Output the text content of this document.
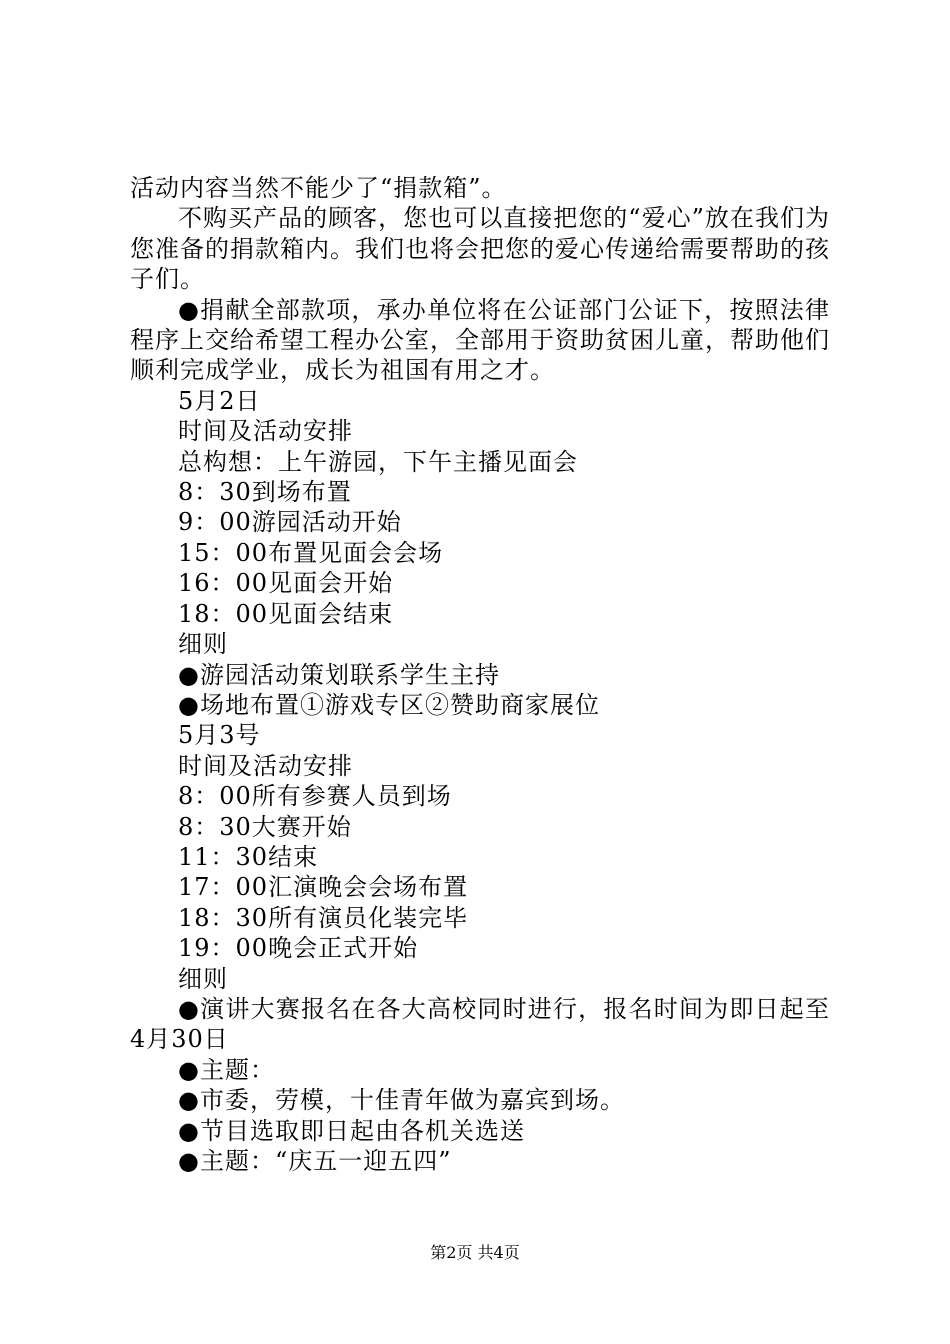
活动内容当然不能少了“捐款箱”。

不购买产品的顾客，您也可以直接把您的“爱心”放在我们为您准备的捐款箱内。我们也将会把您的爱心传递给需要帮助的孩子们。

●捐献全部款项，承办单位将在公证部门公证下，按照法律程序上交给希望工程办公室，全部用于资助贫困儿童，帮助他们顺利完成学业，成长为祖国有用之才。

5月2日

时间及活动安排

总构想：上午游园，下午主播见面会

8：30到场布置

9：00游园活动开始

15：00布置见面会会场

16：00见面会开始

18：00见面会结束

细则

●游园活动策划联系学生主持

●场地布置①游戏专区②赞助商家展位

5月3号

时间及活动安排

8：00所有参赛人员到场

8：30大赛开始

11：30结束

17：00汇演晚会会场布置

18：30所有演员化装完毕

19：00晚会正式开始

细则

●演讲大赛报名在各大高校同时进行，报名时间为即日起至4月30日

●主题：

●市委，劳模，十佳青年做为嘉宾到场。

●节目选取即日起由各机关选送

●主题：“庆五一迎五四”

第2页 共4页
